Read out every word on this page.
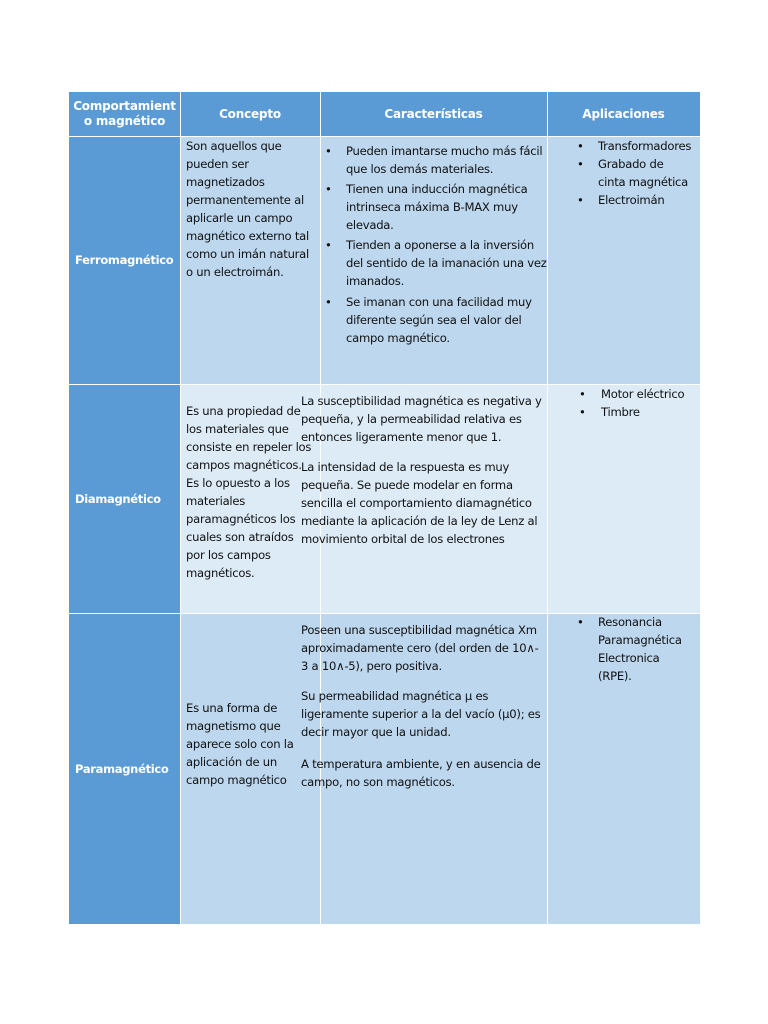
Comportamient
o magnético
Concepto	Características	Aplicaciones
Ferromagnético
Diamagnético
Paramagnético
Son aquellos que
pueden ser
magnetizados
permanentemente al
aplicarle un campo
magnético externo tal
como un imán natural
o un electroimán.
• Pueden imantarse mucho más fácil
que los demás materiales.
• Tienen una inducción magnética
intrinseca máxima B-MAX muy
elevada.
• Tienden a oponerse a la inversión
del sentido de la imanación una vez
imanados.
• Se imanan con una facilidad muy
diferente según sea el valor del
campo magnético.
• Transformadores
• Grabado de
cinta magnética
• Electroimán
Es una propiedad de
los materiales que
consiste en repeler los
campos magnéticos.
Es lo opuesto a los
materiales
paramagnéticos los
cuales son atraídos
por los campos
magnéticos.
La susceptibilidad magnética es negativa y
pequeña, y la permeabilidad relativa es
entonces ligeramente menor que 1.
La intensidad de la respuesta es muy
pequeña. Se puede modelar en forma
sencilla el comportamiento diamagnético
mediante la aplicación de la ley de Lenz al
movimiento orbital de los electrones
• Motor eléctrico
• Timbre
Es una forma de
magnetismo que
aparece solo con la
aplicación de un
campo magnético
Poseen una susceptibilidad magnética Xm
aproximadamente cero (del orden de 10∧-
3 a 10∧-5), pero positiva.
Su permeabilidad magnética μ es
ligeramente superior a la del vacío (μ0); es
decir mayor que la unidad.
A temperatura ambiente, y en ausencia de
campo, no son magnéticos.
• Resonancia
Paramagnética
Electronica
(RPE).
